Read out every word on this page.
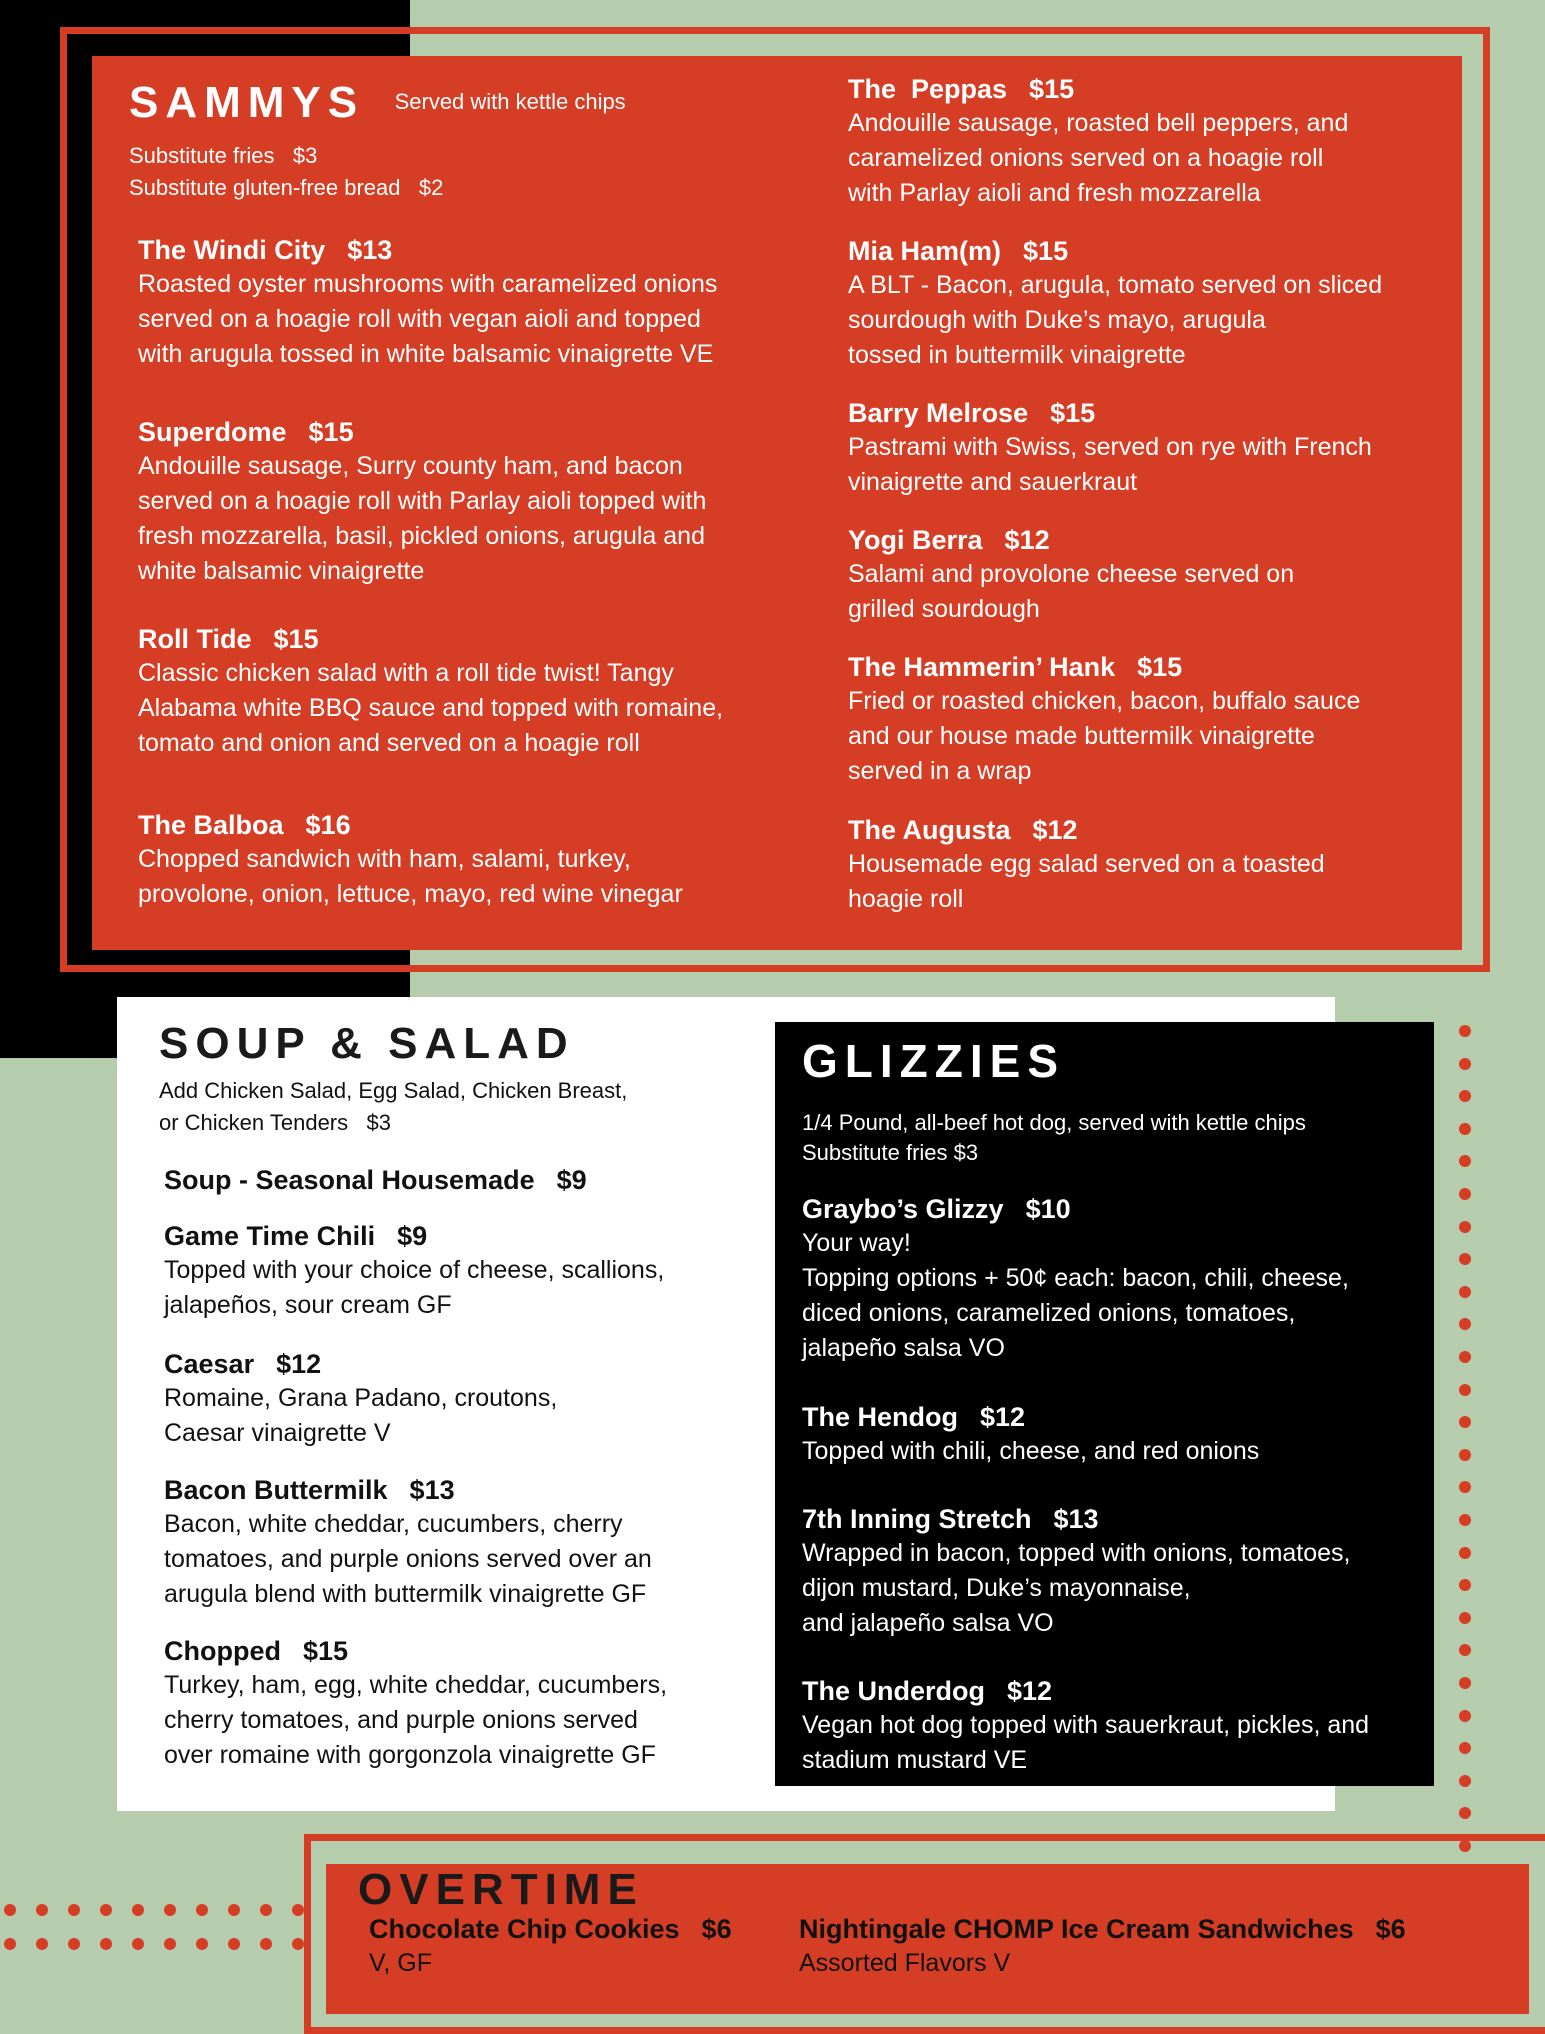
SAMMYS Served with kettle chips

Substitute fries   $3

Substitute gluten-free bread   $2

The Windi City $13

Roasted oyster mushrooms with caramelized onions

served on a hoagie roll with vegan aioli and topped

with arugula tossed in white balsamic vinaigrette VE

Superdome $15

Andouille sausage, Surry county ham, and bacon

served on a hoagie roll with Parlay aioli topped with

fresh mozzarella, basil, pickled onions, arugula and

white balsamic vinaigrette

Roll Tide $15

Classic chicken salad with a roll tide twist! Tangy

Alabama white BBQ sauce and topped with romaine,

tomato and onion and served on a hoagie roll

The Balboa $16

Chopped sandwich with ham, salami, turkey,

provolone, onion, lettuce, mayo, red wine vinegar

The  Peppas $15

Andouille sausage, roasted bell peppers, and

caramelized onions served on a hoagie roll

with Parlay aioli and fresh mozzarella

Mia Ham(m) $15

A BLT - Bacon, arugula, tomato served on sliced

sourdough with Duke’s mayo, arugula

tossed in buttermilk vinaigrette

Barry Melrose $15

Pastrami with Swiss, served on rye with French

vinaigrette and sauerkraut

Yogi Berra $12

Salami and provolone cheese served on

grilled sourdough

The Hammerin’ Hank $15

Fried or roasted chicken, bacon, buffalo sauce

and our house made buttermilk vinaigrette

served in a wrap

The Augusta $12

Housemade egg salad served on a toasted

hoagie roll

SOUP & SALAD

Add Chicken Salad, Egg Salad, Chicken Breast,

or Chicken Tenders   $3

Soup - Seasonal Housemade $9

Game Time Chili $9

Topped with your choice of cheese, scallions,

jalapeños, sour cream GF

Caesar $12

Romaine, Grana Padano, croutons,

Caesar vinaigrette V

Bacon Buttermilk $13

Bacon, white cheddar, cucumbers, cherry

tomatoes, and purple onions served over an

arugula blend with buttermilk vinaigrette GF

Chopped $15

Turkey, ham, egg, white cheddar, cucumbers,

cherry tomatoes, and purple onions served

over romaine with gorgonzola vinaigrette GF

GLIZZIES

1/4 Pound, all-beef hot dog, served with kettle chips

Substitute fries $3

Graybo’s Glizzy $10

Your way!

Topping options + 50¢ each: bacon, chili, cheese,

diced onions, caramelized onions, tomatoes,

jalapeño salsa VO

The Hendog $12

Topped with chili, cheese, and red onions

7th Inning Stretch $13

Wrapped in bacon, topped with onions, tomatoes,

dijon mustard, Duke’s mayonnaise,

and jalapeño salsa VO

The Underdog $12

Vegan hot dog topped with sauerkraut, pickles, and

stadium mustard VE

OVERTIME

Chocolate Chip Cookies $6

V, GF

Nightingale CHOMP Ice Cream Sandwiches $6

Assorted Flavors V
